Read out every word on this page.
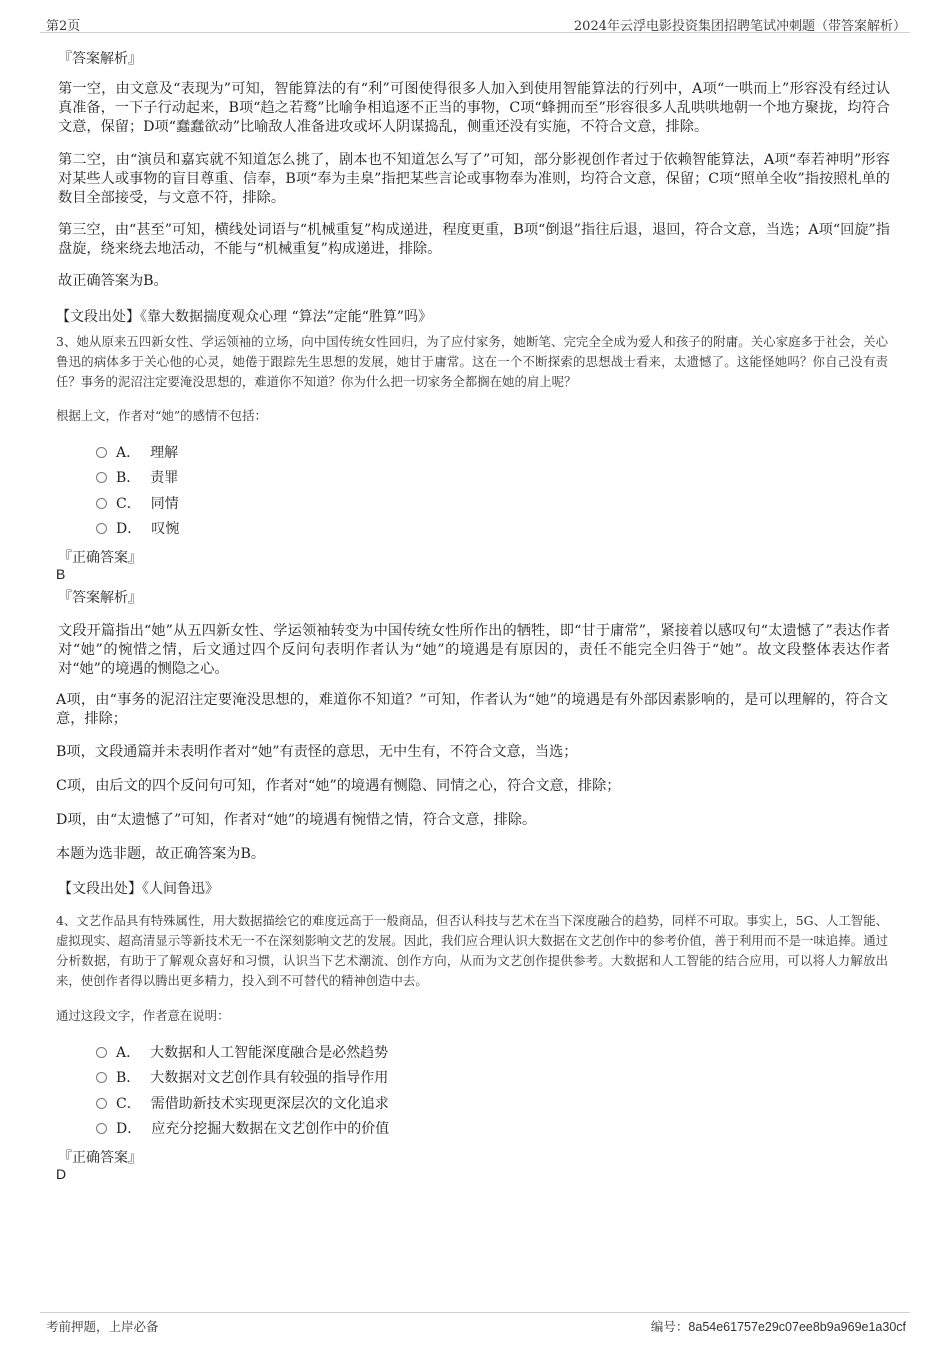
第2页	2024年云浮电影投资集团招聘笔试冲刺题（带答案解析）
『答案解析』

第一空，由文意及“表现为”可知，智能算法的有“利”可图使得很多人加入到使用智能算法的行列中，A项“一哄而上”形容没有经过认真准备，一下子行动起来，B项“趋之若鹜”比喻争相追逐不正当的事物，C项“蜂拥而至”形容很多人乱哄哄地朝一个地方聚拢，均符合文意，保留；D项“蠢蠢欲动”比喻敌人准备进攻或坏人阴谋捣乱，侧重还没有实施，不符合文意，排除。

第二空，由“演员和嘉宾就不知道怎么挑了，剧本也不知道怎么写了”可知，部分影视创作者过于依赖智能算法，A项“奉若神明”形容对某些人或事物的盲目尊重、信奉，B项“奉为圭臬”指把某些言论或事物奉为准则，均符合文意，保留；C项“照单全收”指按照札单的数目全部接受，与文意不符，排除。

第三空，由“甚至”可知，横线处词语与“机械重复”构成递进，程度更重，B项“倒退”指往后退，退回，符合文意，当选；A项“回旋”指盘旋，绕来绕去地活动，不能与“机械重复”构成递进，排除。

故正确答案为B。

【文段出处】《靠大数据揣度观众心理 “算法”定能“胜算”吗》

3、她从原来五四新女性、学运领袖的立场，向中国传统女性回归，为了应付家务，她断笔、完完全全成为爱人和孩子的附庸。关心家庭多于社会，关心鲁迅的病体多于关心他的心灵，她倦于跟踪先生思想的发展，她甘于庸常。这在一个不断探索的思想战士看来，太遗憾了。这能怪她吗？你自己没有责任？事务的泥沼注定要淹没思想的，难道你不知道？你为什么把一切家务全都搁在她的肩上呢？

根据上文，作者对“她”的感情不包括：
A． 理解
B． 责罪
C． 同情
D． 叹惋
『正确答案』
B
『答案解析』

文段开篇指出“她”从五四新女性、学运领袖转变为中国传统女性所作出的牺牲，即“甘于庸常”，紧接着以感叹句“太遗憾了”表达作者对“她”的惋惜之情，后文通过四个反问句表明作者认为“她”的境遇是有原因的，责任不能完全归咎于“她”。故文段整体表达作者对“她”的境遇的恻隐之心。

A项，由“事务的泥沼注定要淹没思想的，难道你不知道？”可知，作者认为“她”的境遇是有外部因素影响的，是可以理解的，符合文意，排除；

B项，文段通篇并未表明作者对“她”有责怪的意思，无中生有，不符合文意，当选；

C项，由后文的四个反问句可知，作者对“她”的境遇有恻隐、同情之心，符合文意，排除；

D项，由“太遗憾了”可知，作者对“她”的境遇有惋惜之情，符合文意，排除。

本题为选非题，故正确答案为B。

【文段出处】《人间鲁迅》

4、文艺作品具有特殊属性，用大数据描绘它的难度远高于一般商品，但否认科技与艺术在当下深度融合的趋势，同样不可取。事实上，5G、人工智能、虚拟现实、超高清显示等新技术无一不在深刻影响文艺的发展。因此，我们应合理认识大数据在文艺创作中的参考价值，善于利用而不是一味追捧。通过分析数据，有助于了解观众喜好和习惯，认识当下艺术潮流、创作方向，从而为文艺创作提供参考。大数据和人工智能的结合应用，可以将人力解放出来，使创作者得以腾出更多精力，投入到不可替代的精神创造中去。

通过这段文字，作者意在说明：
A． 大数据和人工智能深度融合是必然趋势
B． 大数据对文艺创作具有较强的指导作用
C． 需借助新技术实现更深层次的文化追求
D． 应充分挖掘大数据在文艺创作中的价值
『正确答案』
D
考前押题，上岸必备	编号：8a54e61757e29c07ee8b9a969e1a30cf
